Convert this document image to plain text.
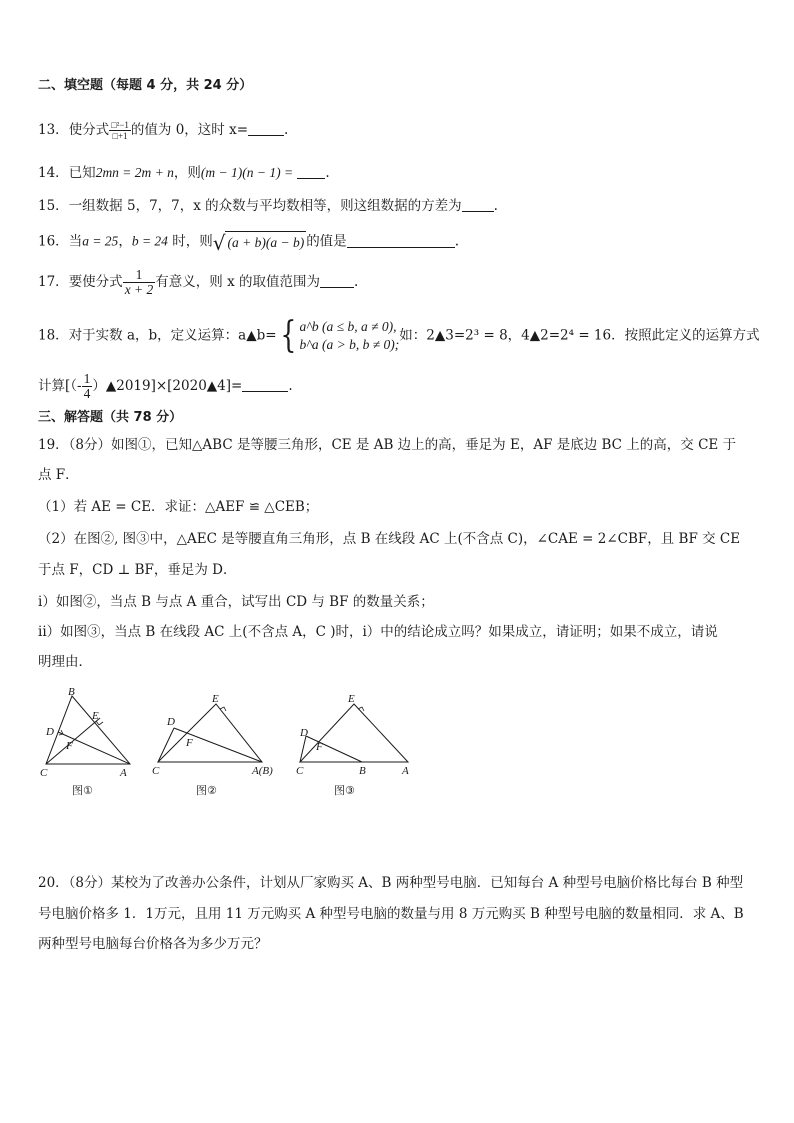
二、填空题（每题 4 分，共 24 分）
13．使分式 $\frac{\text{□²−1}}{□+1}$ 的值为 0，这时 x=	.
14．已知2mn = 2m + n，则(m − 1)(n − 1) = .
15．一组数据 5，7，7，x 的众数与平均数相等，则这组数据的方差为 .
16．当a = 25，b = 24 时，则√ (a + b)(a − b) 的值是	.
17．要使分式 $\frac{1}{x + 2}$ 有意义，则 x 的取值范围为	.
18．对于实数 a，b，定义运算：a▲b={ a^b (a ≤ b, a ≠ 0),
b^a (a > b, b ≠ 0);
如：2▲3=2³ = 8，4▲2=2⁴ = 16．按照此定义的运算方式
计算[（- $\frac{1}{4}$ ）▲2019]×[2020▲4]=	.
三、解答题（共 78 分）
19．（8分）如图①，已知△ABC 是等腰三角形，CE 是 AB 边上的高，垂足为 E，AF 是底边 BC 上的高，交 CE 于
点 F．
（1）若 AE = CE．求证：△AEF ≌ △CEB；
（2）在图②, 图③中，△AEC 是等腰直角三角形，点 B 在线段 AC 上(不含点 C)，∠CAE = 2∠CBF，且 BF 交 CE
于点 F，CD ⊥ BF，垂足为 D．
i）如图②，当点 B 与点 A 重合，试写出 CD 与 BF 的数量关系；
ii）如图③，当点 B 在线段 AC 上(不含点 A，C )时，i）中的结论成立吗？如果成立，请证明；如果不成立，请说
明理由．
B
E
D
F
C	A
图①
E
D
F
C	A(B)
图②
E
D
F
C	B	A
图③
20．（8分）某校为了改善办公条件，计划从厂家购买 A、B 两种型号电脑．已知每台 A 种型号电脑价格比每台 B 种型
号电脑价格多 1．1万元，且用 11 万元购买 A 种型号电脑的数量与用 8 万元购买 B 种型号电脑的数量相同．求 A、B
两种型号电脑每台价格各为多少万元？
